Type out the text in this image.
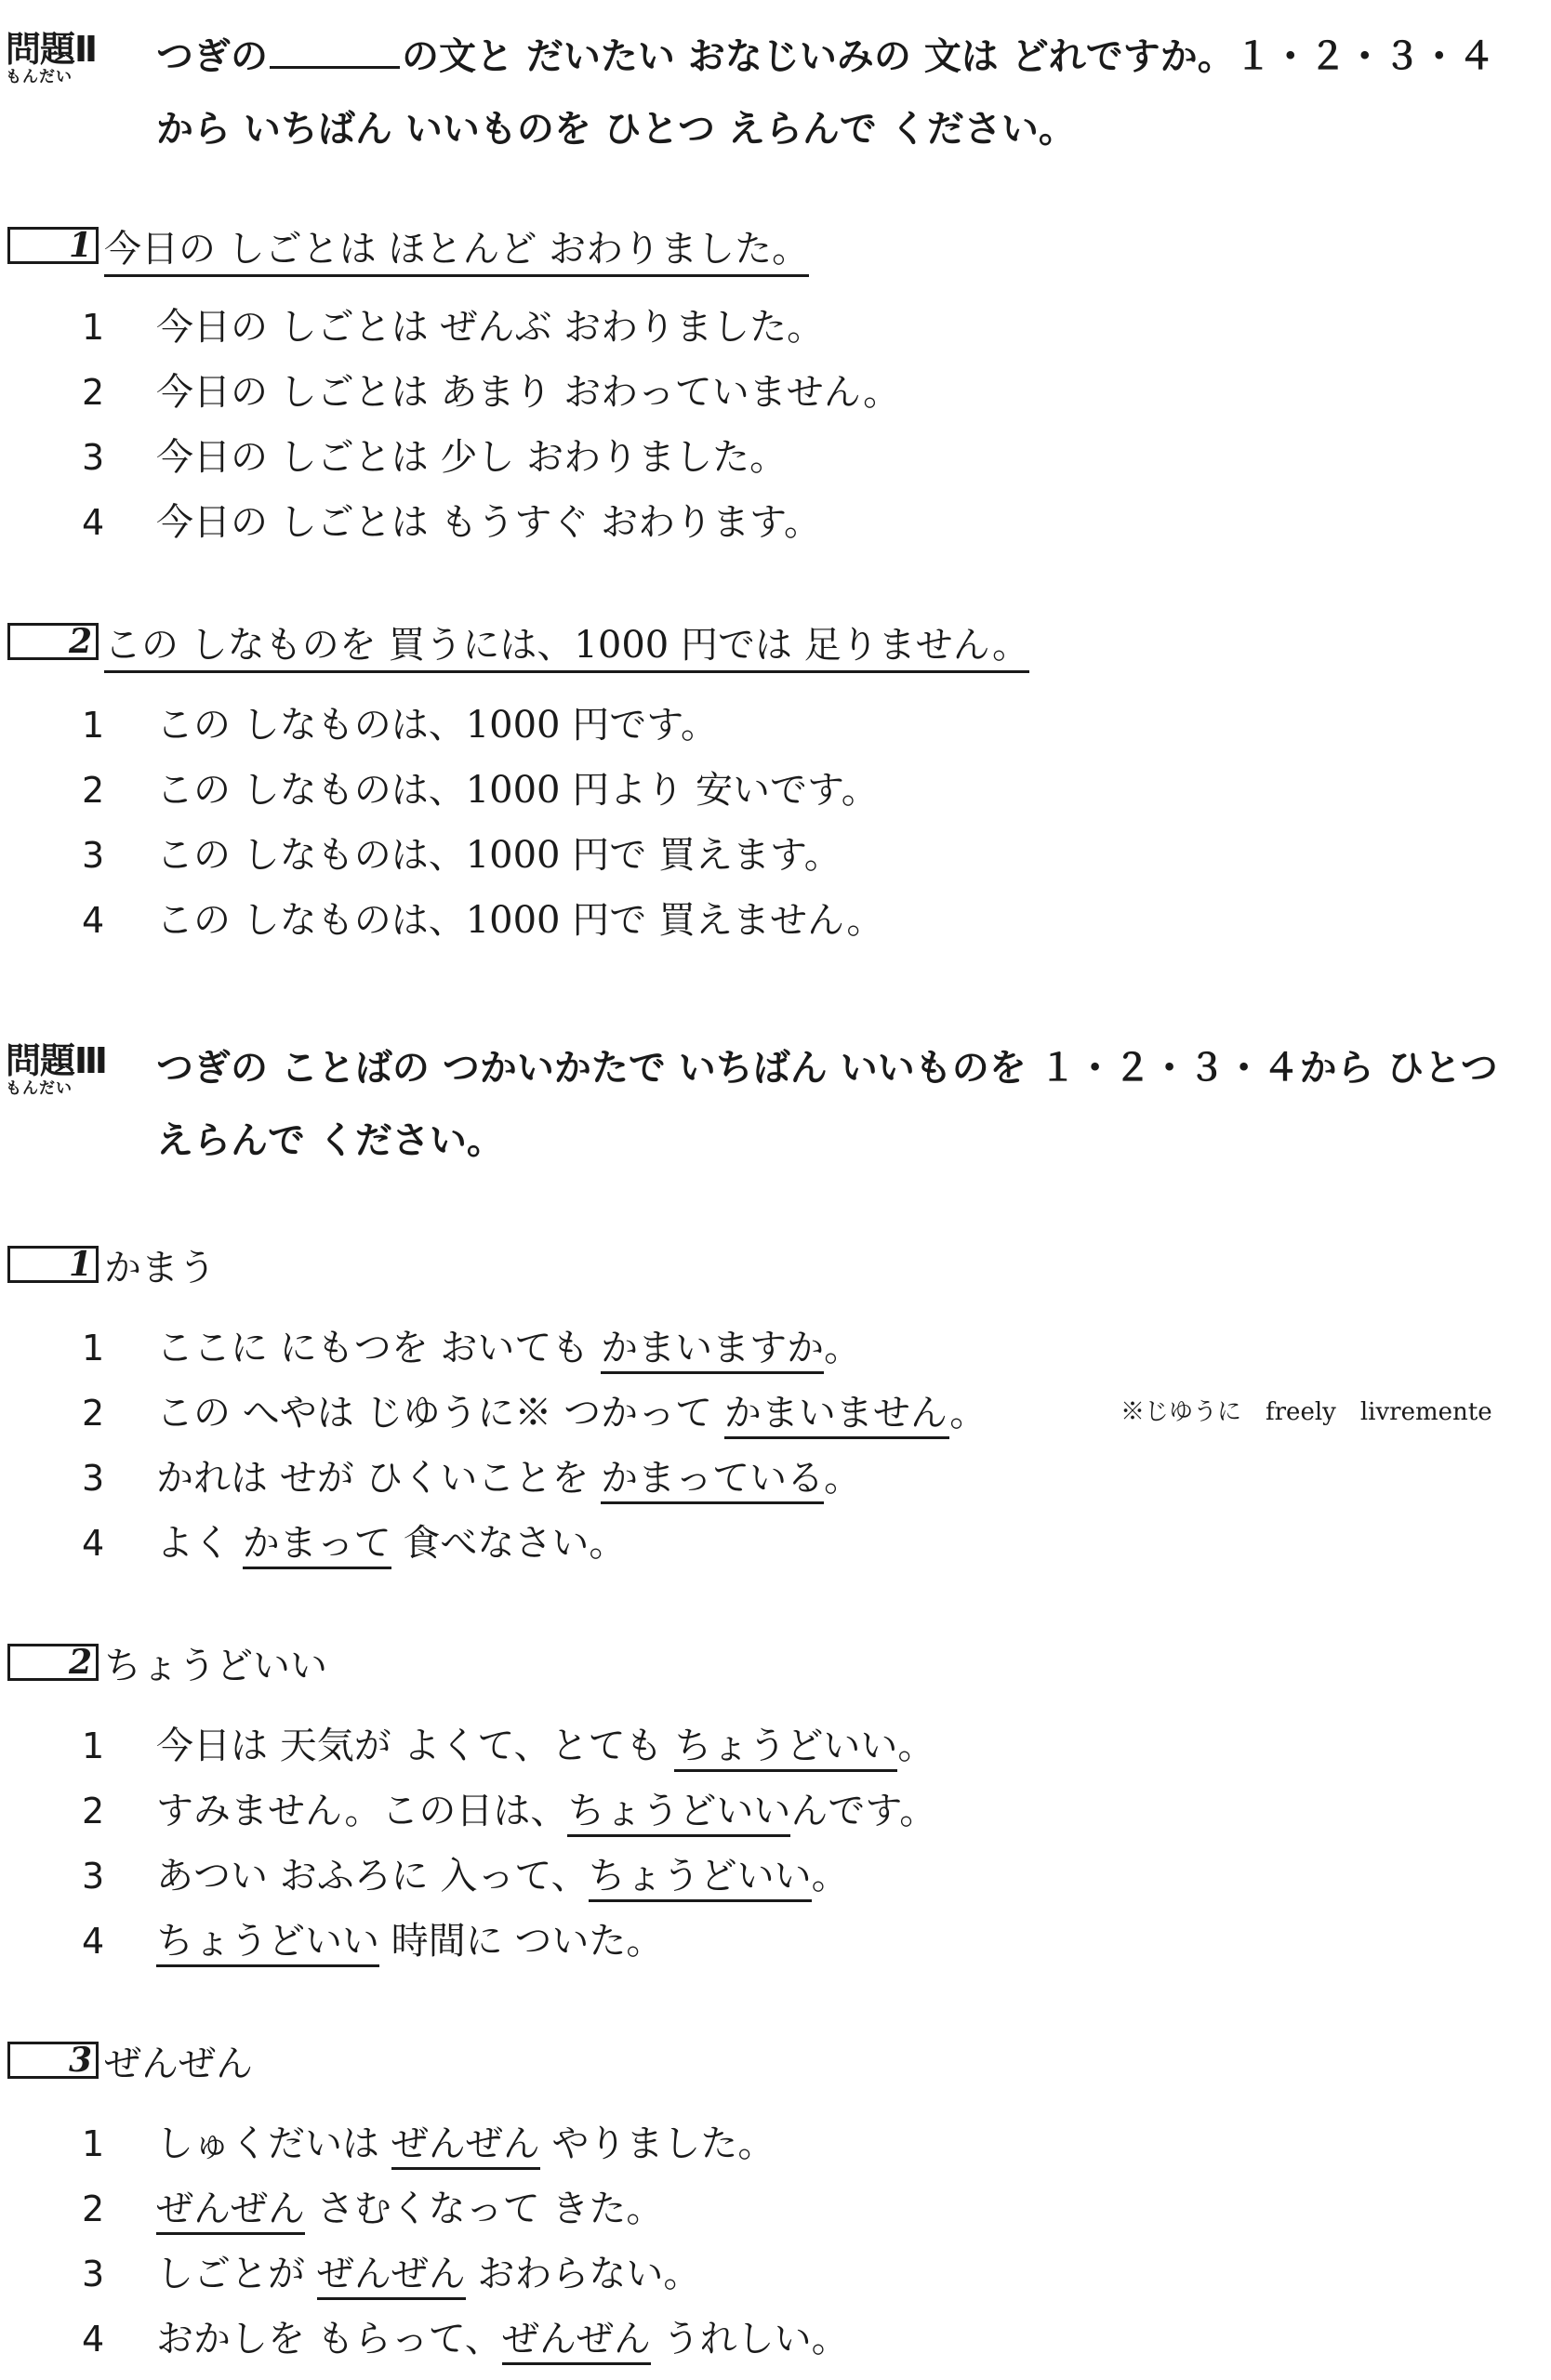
問題Ⅱ
もんだい つぎの	の文と だいたい おなじいみの 文は どれですか。１・２・３・４
から いちばん いいものを ひとつ えらんで ください。
1 今日の しごとは ほとんど おわりました。
1 今日の しごとは ぜんぶ おわりました。
2 今日の しごとは あまり おわっていません。
3 今日の しごとは 少し おわりました。
4 今日の しごとは もうすぐ おわります。
2 この しなものを 買うには、1000 円では 足りません。
1 この しなものは、1000 円です。
2 この しなものは、1000 円より 安いです。
3 この しなものは、1000 円で 買えます。
4 この しなものは、1000 円で 買えません。
問題Ⅲ
もんだい つぎの ことばの つかいかたで いちばん いいものを １・２・３・４から ひとつ
えらんで ください。
1 かまう
1 ここに にもつを おいても かまいますか。
2 この へやは じゆうに※ つかって かまいません。	※じゆうに　freely　livremente
3 かれは せが ひくいことを かまっている。
4 よく かまって 食べなさい。
2 ちょうどいい
1 今日は 天気が よくて、とても ちょうどいい。
2 すみません。この日は、ちょうどいいんです。
3 あつい おふろに 入って、ちょうどいい。
4 ちょうどいい 時間に ついた。
3 ぜんぜん
1 しゅくだいは ぜんぜん やりました。
2 ぜんぜん さむくなって きた。
3 しごとが ぜんぜん おわらない。
4 おかしを もらって、ぜんぜん うれしい。
